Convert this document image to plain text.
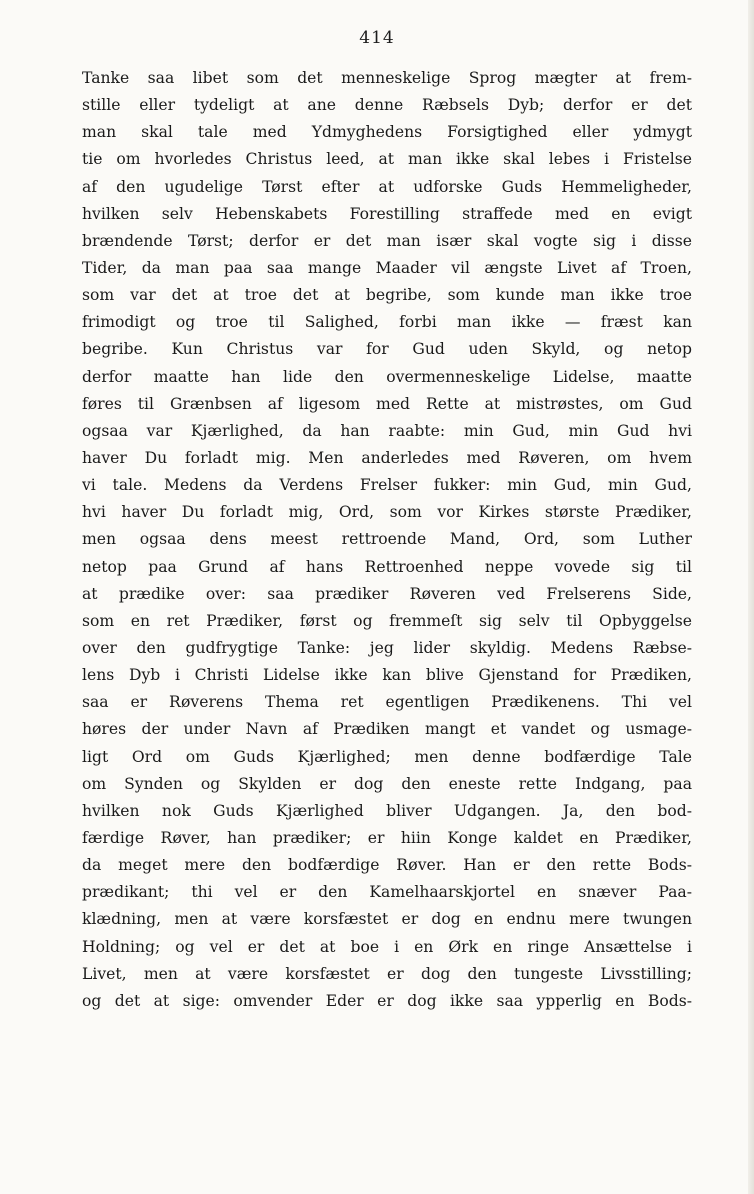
414
Tanke saa libet som det menneskelige Sprog mægter at frem-
stille eller tydeligt at ane denne Ræbsels Dyb; derfor er det
man skal tale med Ydmyghedens Forsigtighed eller ydmygt
tie om hvorledes Christus leed, at man ikke skal lebes i Fristelse
af den ugudelige Tørst efter at udforske Guds Hemmeligheder,
hvilken selv Hebenskabets Forestilling straffede med en evigt
brændende Tørst; derfor er det man især skal vogte sig i disse
Tider, da man paa saa mange Maader vil ængste Livet af Troen,
som var det at troe det at begribe, som kunde man ikke troe
frimodigt og troe til Salighed, forbi man ikke — fræst kan
begribe. Kun Christus var for Gud uden Skyld, og netop
derfor maatte han lide den overmenneskelige Lidelse, maatte
føres til Grænbsen af ligesom med Rette at mistrøstes, om Gud
ogsaa var Kjærlighed, da han raabte: min Gud, min Gud hvi
haver Du forladt mig. Men anderledes med Røveren, om hvem
vi tale. Medens da Verdens Frelser fukker: min Gud, min Gud,
hvi haver Du forladt mig, Ord, som vor Kirkes største Prædiker,
men ogsaa dens meest rettroende Mand, Ord, som Luther
netop paa Grund af hans Rettroenhed neppe vovede sig til
at prædike over: saa prædiker Røveren ved Frelserens Side,
som en ret Prædiker, først og fremmeſt sig selv til Opbyggelse
over den gudfrygtige Tanke: jeg lider skyldig. Medens Ræbse-
lens Dyb i Christi Lidelse ikke kan blive Gjenstand for Prædiken,
saa er Røverens Thema ret egentligen Prædikenens. Thi vel
høres der under Navn af Prædiken mangt et vandet og usmage-
ligt Ord om Guds Kjærlighed; men denne bodfærdige Tale
om Synden og Skylden er dog den eneste rette Indgang, paa
hvilken nok Guds Kjærlighed bliver Udgangen. Ja, den bod-
færdige Røver, han prædiker; er hiin Konge kaldet en Prædiker,
da meget mere den bodfærdige Røver. Han er den rette Bods-
prædikant; thi vel er den Kamelhaarskjortel en snæver Paa-
klædning, men at være korsfæstet er dog en endnu mere twungen
Holdning; og vel er det at boe i en Ørk en ringe Ansættelse i
Livet, men at være korsfæstet er dog den tungeste Livsstilling;
og det at sige: omvender Eder er dog ikke saa ypperlig en Bods-
